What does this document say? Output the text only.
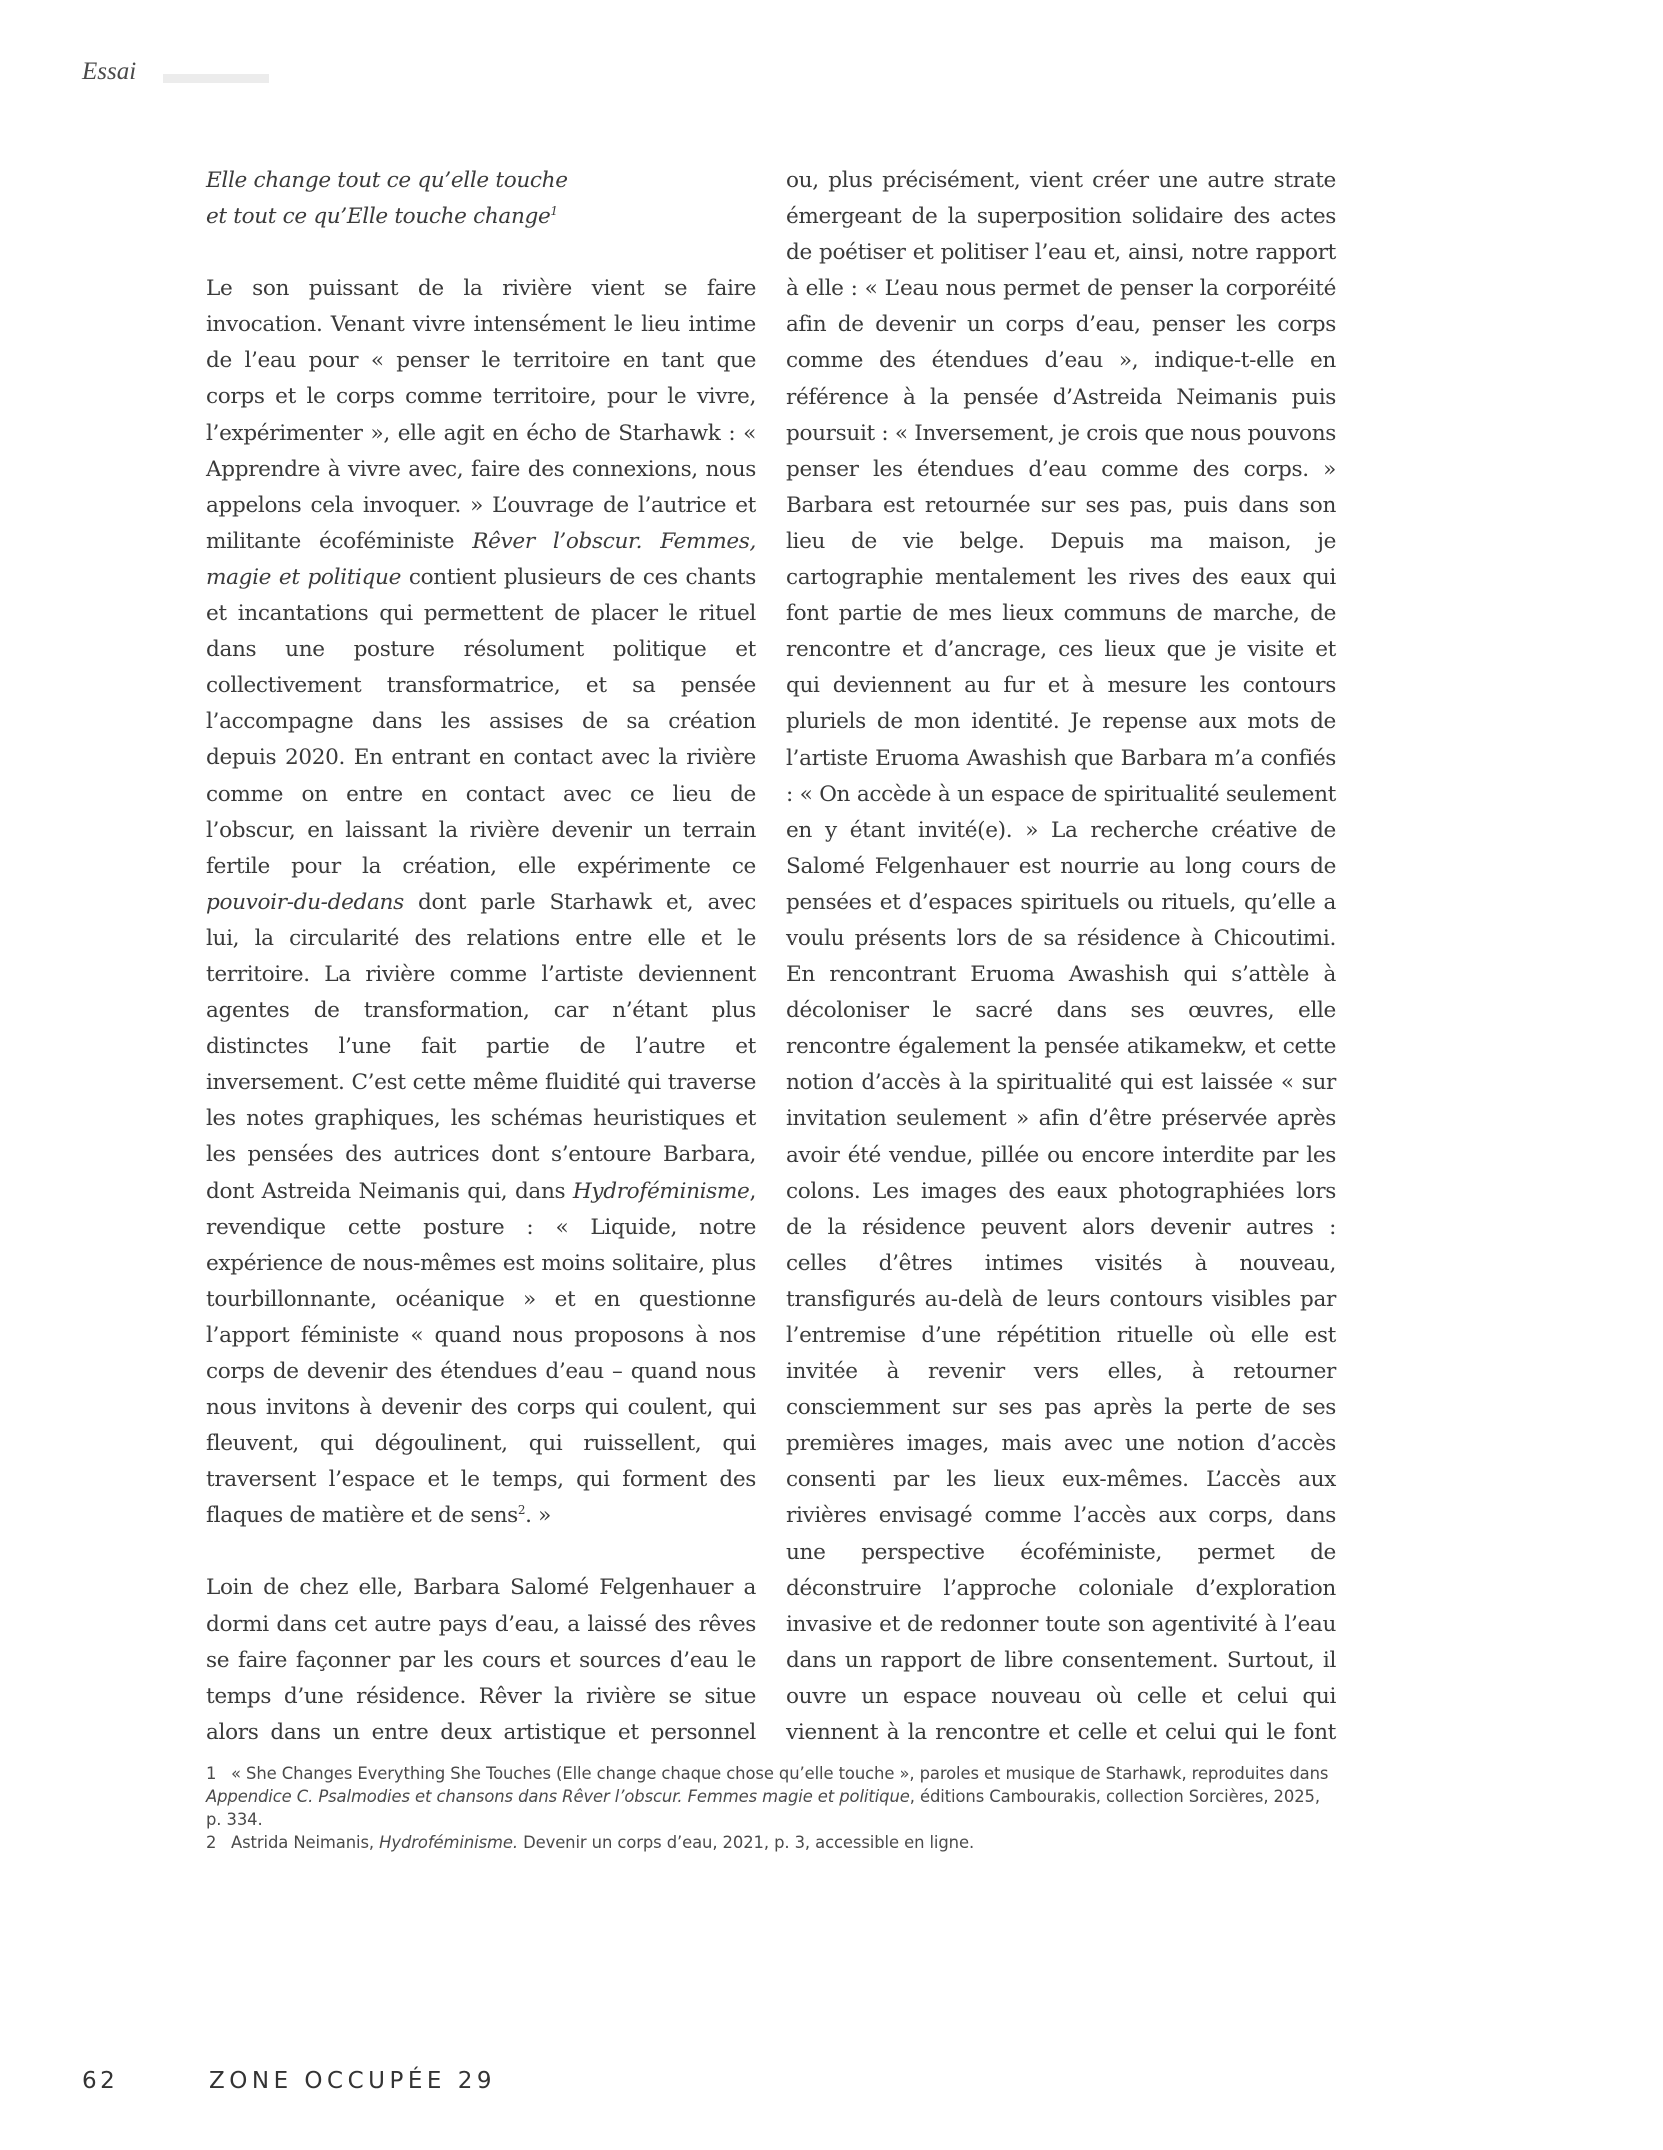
Essai
Elle change tout ce qu’elle touche
et tout ce qu’Elle touche change$^1$

Le son puissant de la rivière vient se faire invocation. Venant vivre intensément le lieu intime de l’eau pour « penser le territoire en tant que corps et le corps comme territoire, pour le vivre, l’expérimenter », elle agit en écho de Starhawk : « Apprendre à vivre avec, faire des connexions, nous appelons cela invoquer. » L’ouvrage de l’autrice et militante écoféministe Rêver l’obscur. Femmes, magie et politique contient plusieurs de ces chants et incantations qui permettent de placer le rituel dans une posture résolument politique et collectivement transformatrice, et sa pensée l’accompagne dans les assises de sa création depuis 2020. En entrant en contact avec la rivière comme on entre en contact avec ce lieu de l’obscur, en laissant la rivière devenir un terrain fertile pour la création, elle expérimente ce pouvoir-du-dedans dont parle Starhawk et, avec lui, la circularité des relations entre elle et le territoire. La rivière comme l’artiste deviennent agentes de transformation, car n’étant plus distinctes l’une fait partie de l’autre et inversement. C’est cette même fluidité qui traverse les notes graphiques, les schémas heuristiques et les pensées des autrices dont s’entoure Barbara, dont Astreida Neimanis qui, dans Hydroféminisme, revendique cette posture : « Liquide, notre expérience de nous-mêmes est moins solitaire, plus tourbillonnante, océanique » et en questionne l’apport féministe « quand nous proposons à nos corps de devenir des étendues d’eau – quand nous nous invitons à devenir des corps qui coulent, qui fleuvent, qui dégoulinent, qui ruissellent, qui traversent l’espace et le temps, qui forment des flaques de matière et de sens$^2$. »

Loin de chez elle, Barbara Salomé Felgenhauer a dormi dans cet autre pays d’eau, a laissé des rêves se faire façonner par les cours et sources d’eau le temps d’une résidence. Rêver la rivière se situe alors dans un entre deux artistique et personnel

ou, plus précisément, vient créer une autre strate émergeant de la superposition solidaire des actes de poétiser et politiser l’eau et, ainsi, notre rapport à elle : « L’eau nous permet de penser la corporéité afin de devenir un corps d’eau, penser les corps comme des étendues d’eau », indique-t-elle en référence à la pensée d’Astreida Neimanis puis poursuit : « Inversement, je crois que nous pouvons penser les étendues d’eau comme des corps. » Barbara est retournée sur ses pas, puis dans son lieu de vie belge. Depuis ma maison, je cartographie mentalement les rives des eaux qui font partie de mes lieux communs de marche, de rencontre et d’ancrage, ces lieux que je visite et qui deviennent au fur et à mesure les contours pluriels de mon identité. Je repense aux mots de l’artiste Eruoma Awashish que Barbara m’a confiés : « On accède à un espace de spiritualité seulement en y étant invité(e). » La recherche créative de Salomé Felgenhauer est nourrie au long cours de pensées et d’espaces spirituels ou rituels, qu’elle a voulu présents lors de sa résidence à Chicoutimi. En rencontrant Eruoma Awashish qui s’attèle à décoloniser le sacré dans ses œuvres, elle rencontre également la pensée atikamekw, et cette notion d’accès à la spiritualité qui est laissée « sur invitation seulement » afin d’être préservée après avoir été vendue, pillée ou encore interdite par les colons. Les images des eaux photographiées lors de la résidence peuvent alors devenir autres : celles d’êtres intimes visités à nouveau, transfigurés au-delà de leurs contours visibles par l’entremise d’une répétition rituelle où elle est invitée à revenir vers elles, à retourner consciemment sur ses pas après la perte de ses premières images, mais avec une notion d’accès consenti par les lieux eux-mêmes. L’accès aux rivières envisagé comme l’accès aux corps, dans une perspective écoféministe, permet de déconstruire l’approche coloniale d’exploration invasive et de redonner toute son agentivité à l’eau dans un rapport de libre consentement. Surtout, il ouvre un espace nouveau où celle et celui qui viennent à la rencontre et celle et celui qui le font

1 « She Changes Everything She Touches (Elle change chaque chose qu’elle touche », paroles et musique de Starhawk, reproduites dans Appendice C. Psalmodies et chansons dans Rêver l’obscur. Femmes magie et politique, éditions Cambourakis, collection Sorcières, 2025, p. 334.

2 Astrida Neimanis, Hydroféminisme. Devenir un corps d’eau, 2021, p. 3, accessible en ligne.

62	ZONE OCCUPÉE 29
